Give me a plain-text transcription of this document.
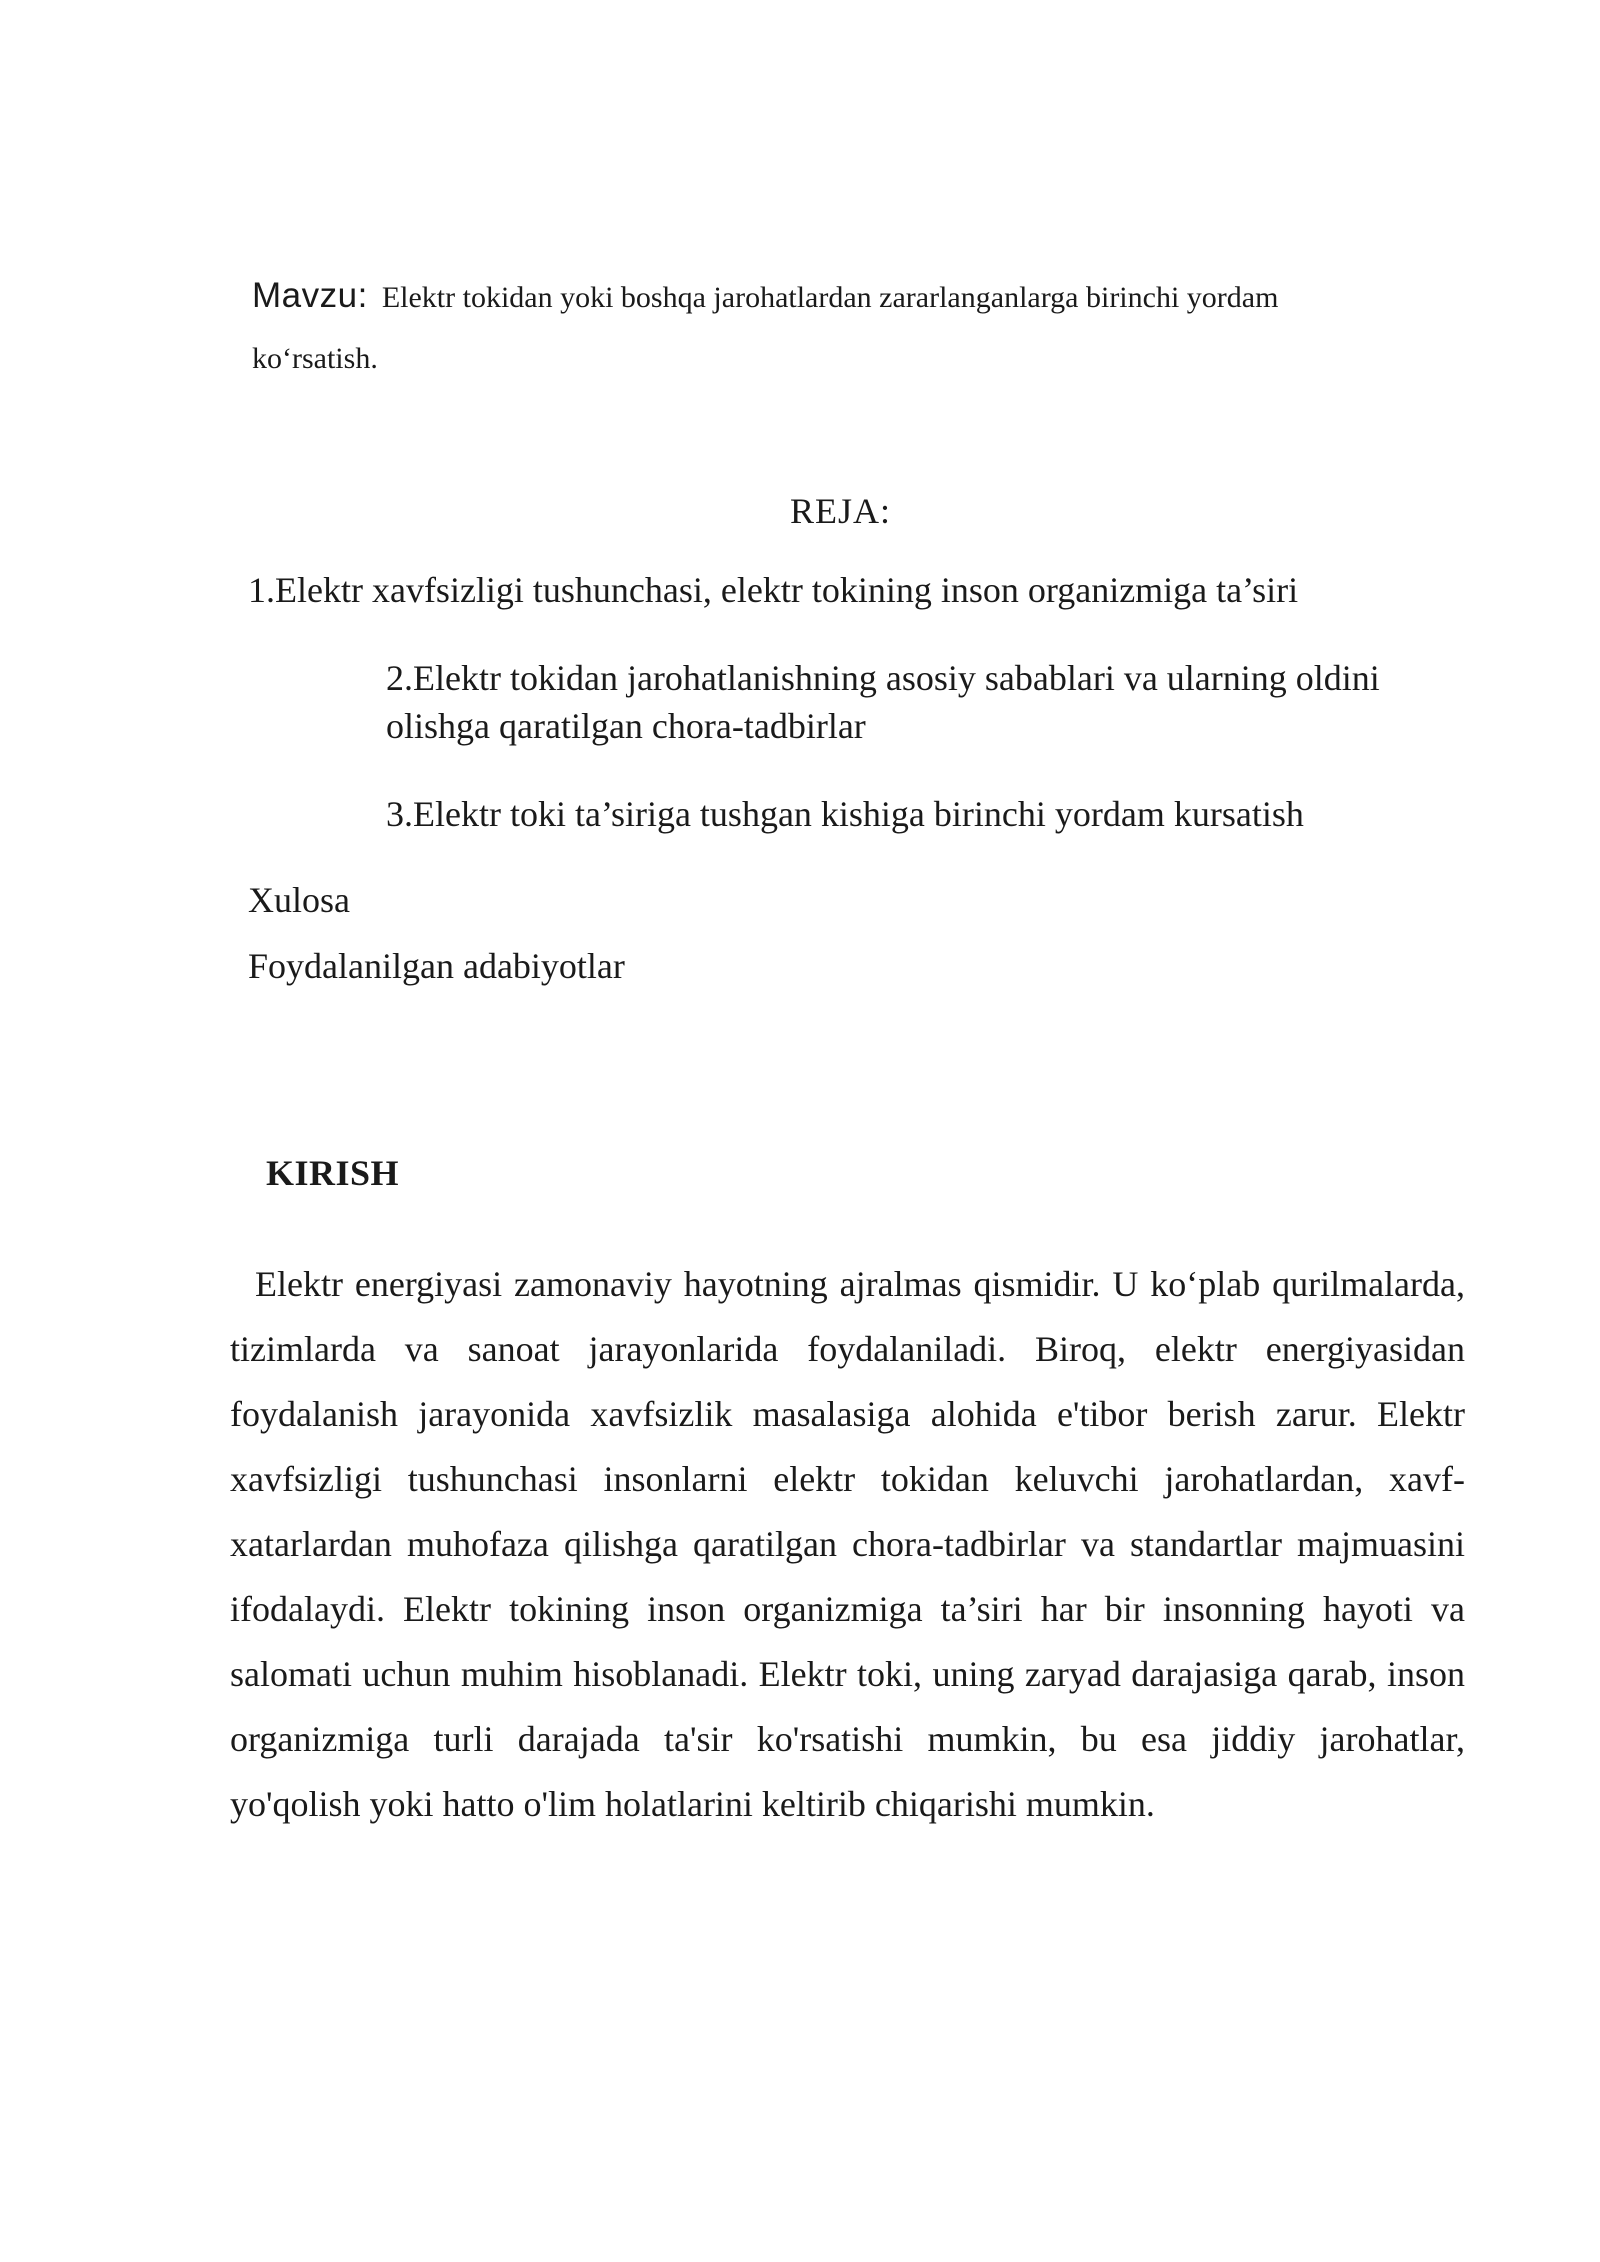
Mavzu: Elektr tokidan yoki boshqa jarohatlardan zararlanganlarga birinchi yordam ko‘rsatish.
REJA:
1.Elektr xavfsizligi tushunchasi, elektr tokining inson organizmiga ta’siri
2.Elektr tokidan jarohatlanishning asosiy sabablari va ularning oldini olishga qaratilgan chora-tadbirlar
3.Elektr toki ta’siriga tushgan kishiga birinchi yordam kursatish
Xulosa
Foydalanilgan adabiyotlar
KIRISH

Elektr energiyasi zamonaviy hayotning ajralmas qismidir. U ko‘plab qurilmalarda, tizimlarda va sanoat jarayonlarida foydalaniladi. Biroq, elektr energiyasidan foydalanish jarayonida xavfsizlik masalasiga alohida e'tibor berish zarur. Elektr xavfsizligi tushunchasi insonlarni elektr tokidan keluvchi jarohatlardan, xavf-xatarlardan muhofaza qilishga qaratilgan chora-tadbirlar va standartlar majmuasini ifodalaydi. Elektr tokining inson organizmiga ta’siri har bir insonning hayoti va salomati uchun muhim hisoblanadi. Elektr toki, uning zaryad darajasiga qarab, inson organizmiga turli darajada ta'sir ko'rsatishi mumkin, bu esa jiddiy jarohatlar, yo'qolish yoki hatto o'lim holatlarini keltirib chiqarishi mumkin.
